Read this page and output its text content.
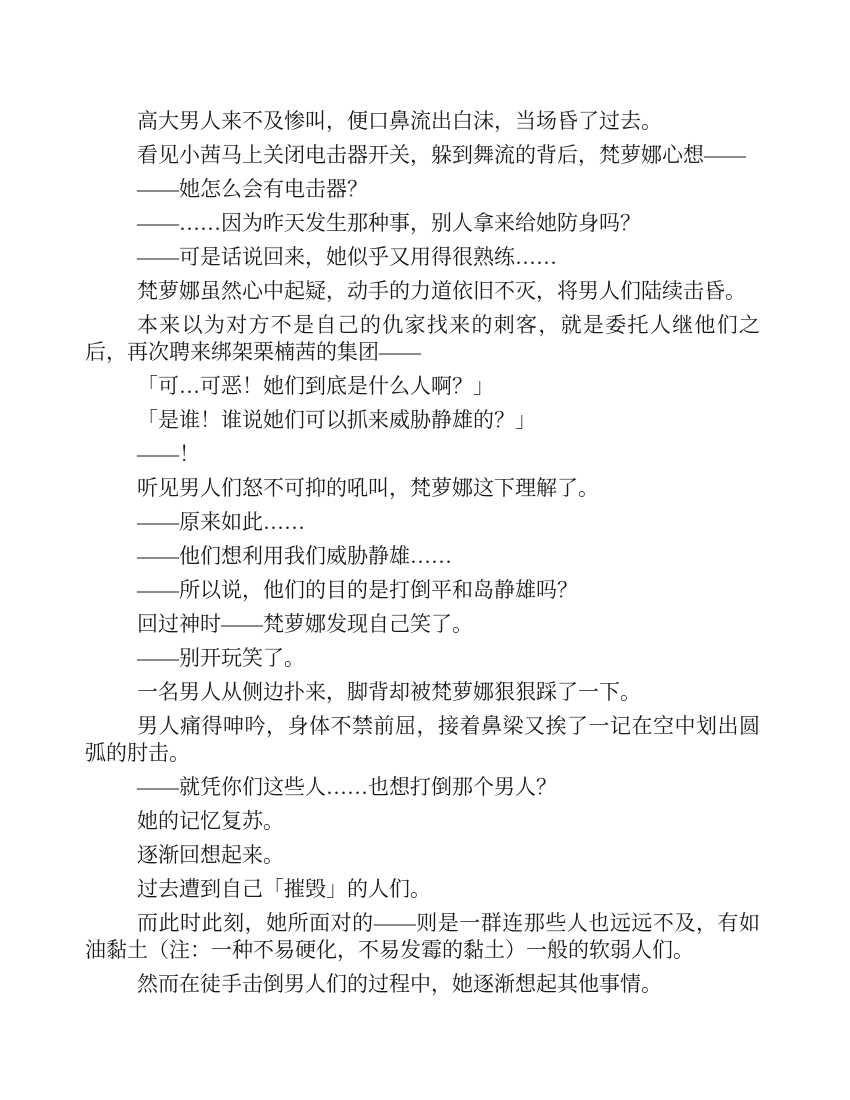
高大男人来不及惨叫，便口鼻流出白沫，当场昏了过去。

看见小茜马上关闭电击器开关，躲到舞流的背后，梵萝娜心想——

——她怎么会有电击器？

——……因为昨天发生那种事，别人拿来给她防身吗？

——可是话说回来，她似乎又用得很熟练……

梵萝娜虽然心中起疑，动手的力道依旧不灭，将男人们陆续击昏。

本来以为对方不是自己的仇家找来的刺客，就是委托人继他们之后，再次聘来绑架栗楠茜的集团——

「可…可恶！她们到底是什么人啊？」

「是谁！谁说她们可以抓来威胁静雄的？」

——！

听见男人们怒不可抑的吼叫，梵萝娜这下理解了。

——原来如此……

——他们想利用我们威胁静雄……

——所以说，他们的目的是打倒平和岛静雄吗？

回过神时——梵萝娜发现自己笑了。

——别开玩笑了。

一名男人从侧边扑来，脚背却被梵萝娜狠狠踩了一下。

男人痛得呻吟，身体不禁前屈，接着鼻梁又挨了一记在空中划出圆弧的肘击。

——就凭你们这些人……也想打倒那个男人？

她的记忆复苏。

逐渐回想起来。

过去遭到自己「摧毁」的人们。

而此时此刻，她所面对的——则是一群连那些人也远远不及，有如油黏土（注：一种不易硬化，不易发霉的黏土）一般的软弱人们。

然而在徒手击倒男人们的过程中，她逐渐想起其他事情。
